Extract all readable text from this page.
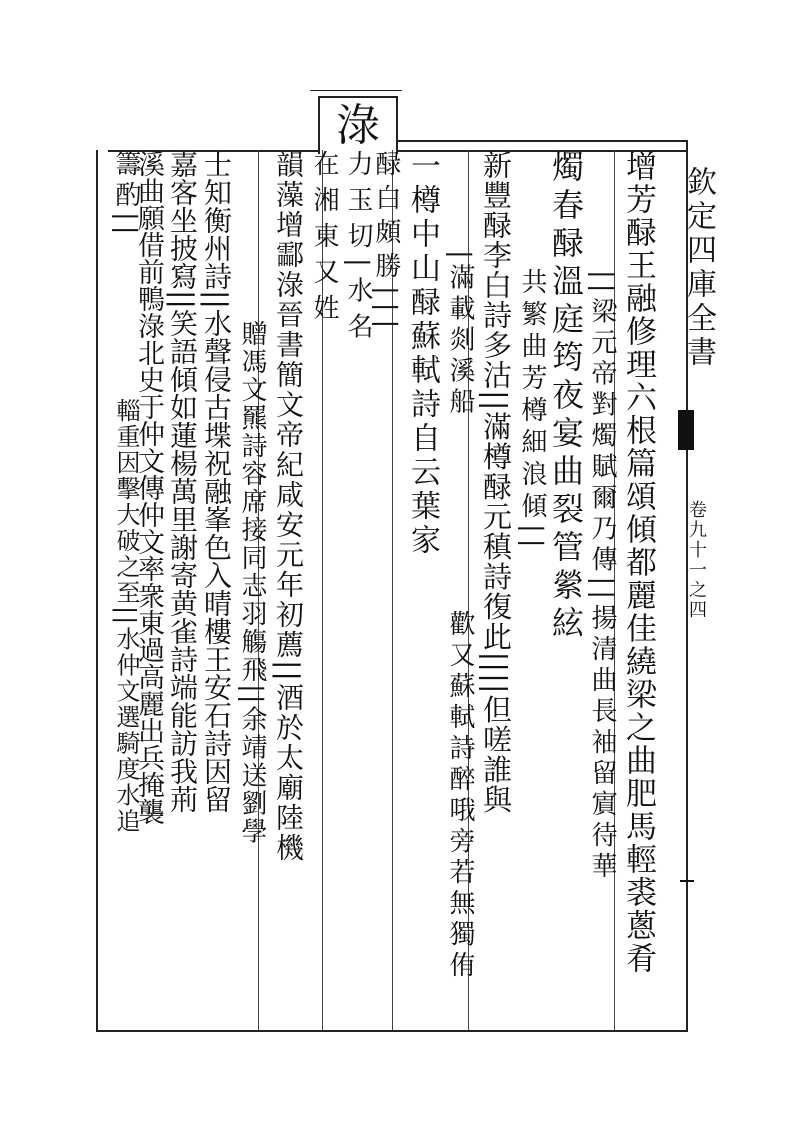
淥
欽定四庫全書
卷九十一之四
增芳醁王融修理六根篇頌傾都麗佳繞梁之曲肥馬輕裘蔥肴
||梁元帝對燭賦爾乃傳||揚清曲長袖留賔待華
燭春醁溫庭筠夜宴曲裂管縈絃
共繁曲芳樽細浪傾||
新豐醁李白詩多沽||滿樽醁元稹詩復此||||但嗟誰與
|滿載剡溪船
歡又蘇軾詩醉哦旁若無獨侑
一樽中山醁蘇軾詩自云葉家
醁白頗勝|||
力玉切|水名
在湘東又姓
韻藻增酃淥晉書簡文帝紀咸安元年初薦||酒於太廟陸機
贈馮文羆詩容席接同志羽觴飛||余靖送劉學
士知衡州詩||水聲侵古堞祝融峯色入晴樓王安石詩因留
嘉客坐披寫||笑語傾如蓮楊萬里謝寄黄雀詩端能訪我荊
溪曲願借前鴨淥北史于仲文傳仲文率衆東過高麗出兵掩襲
籌酌||
輜重因擊大破之至||水仲文選騎度水追
